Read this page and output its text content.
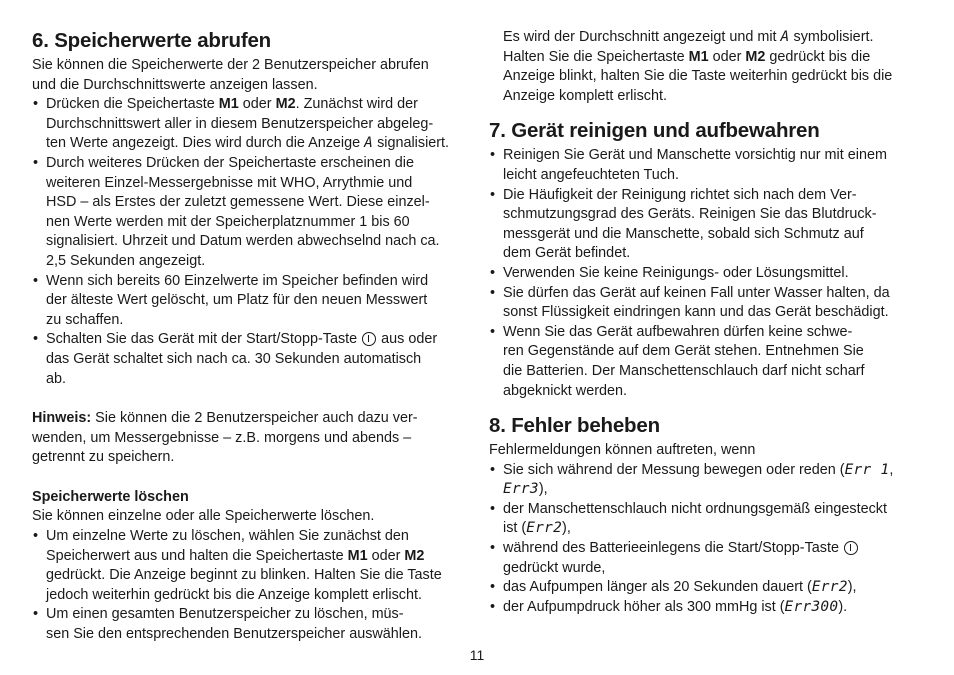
6. Speicherwerte abrufen

Sie können die Speicherwerte der 2 Benutzerspeicher abrufen
und die Durchschnittswerte anzeigen lassen.

• Drücken die Speichertaste M1 oder M2. Zunächst wird der
Durchschnittswert aller in diesem Benutzerspeicher abgeleg-
ten Werte angezeigt. Dies wird durch die Anzeige A signalisiert.
• Durch weiteres Drücken der Speichertaste erscheinen die
weiteren Einzel-Messergebnisse mit WHO, Arrythmie und
HSD – als Erstes der zuletzt gemessene Wert. Diese einzel-
nen Werte werden mit der Speicherplatznummer 1 bis 60
signalisiert. Uhrzeit und Datum werden abwechselnd nach ca.
2,5 Sekunden angezeigt.
• Wenn sich bereits 60 Einzelwerte im Speicher befinden wird
der älteste Wert gelöscht, um Platz für den neuen Messwert
zu schaffen.
• Schalten Sie das Gerät mit der Start/Stopp-Taste  aus oder
das Gerät schaltet sich nach ca. 30 Sekunden automatisch
ab.

Hinweis: Sie können die 2 Benutzerspeicher auch dazu ver-
wenden, um Messergebnisse – z.B. morgens und abends –
getrennt zu speichern.

Speicherwerte löschen

Sie können einzelne oder alle Speicherwerte löschen.

• Um einzelne Werte zu löschen, wählen Sie zunächst den
Speicherwert aus und halten die Speichertaste M1 oder M2
gedrückt. Die Anzeige beginnt zu blinken. Halten Sie die Taste
jedoch weiterhin gedrückt bis die Anzeige komplett erlischt.
• Um einen gesamten Benutzerspeicher zu löschen, müs-
sen Sie den entsprechenden Benutzerspeicher auswählen.

Es wird der Durchschnitt angezeigt und mit A symbolisiert.
Halten Sie die Speichertaste M1 oder M2 gedrückt bis die
Anzeige blinkt, halten Sie die Taste weiterhin gedrückt bis die
Anzeige komplett erlischt.

7. Gerät reinigen und aufbewahren
• Reinigen Sie Gerät und Manschette vorsichtig nur mit einem
leicht angefeuchteten Tuch.
• Die Häufigkeit der Reinigung richtet sich nach dem Ver-
schmutzungsgrad des Geräts. Reinigen Sie das Blutdruck-
messgerät und die Manschette, sobald sich Schmutz auf
dem Gerät befindet.
• Verwenden Sie keine Reinigungs- oder Lösungsmittel.
• Sie dürfen das Gerät auf keinen Fall unter Wasser halten, da
sonst Flüssigkeit eindringen kann und das Gerät beschädigt.
• Wenn Sie das Gerät aufbewahren dürfen keine schwe-
ren Gegenstände auf dem Gerät stehen. Entnehmen Sie
die Batterien. Der Manschettenschlauch darf nicht scharf
abgeknickt werden.
8. Fehler beheben

Fehlermeldungen können auftreten, wenn

• Sie sich während der Messung bewegen oder reden (Err 1,
Err3),
• der Manschettenschlauch nicht ordnungsgemäß eingesteckt
ist (Err2),
• während des Batterieeinlegens die Start/Stopp-Taste
gedrückt wurde,
• das Aufpumpen länger als 20 Sekunden dauert (Err2),
• der Aufpumpdruck höher als 300 mmHg ist (Err300).
11
